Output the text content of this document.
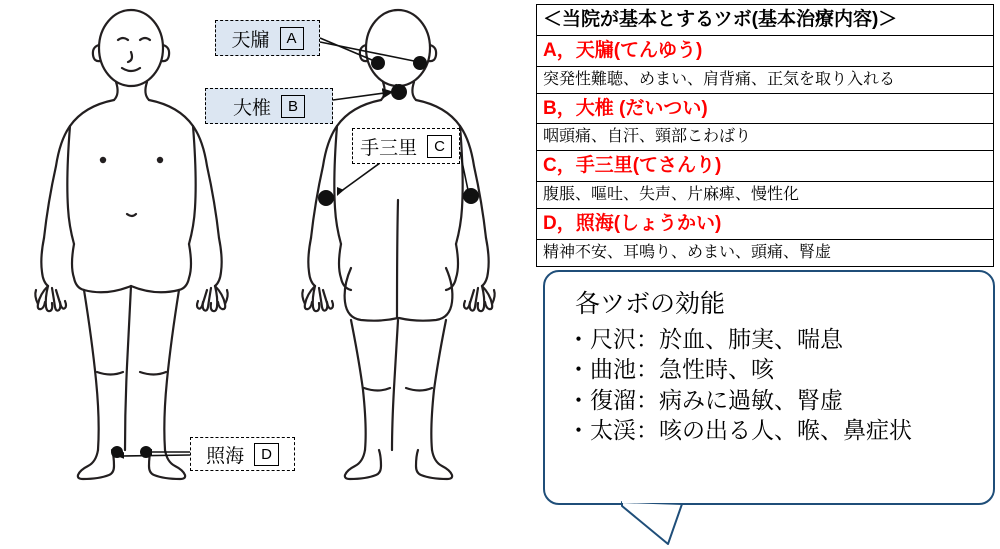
天牖	A
大椎	B
手三里	C
照海	D
＜当院が基本とするツボ(基本治療内容)＞
A，天牖(てんゆう)
突発性難聴、めまい、肩背痛、正気を取り入れる
B，大椎 (だいつい)
咽頭痛、自汗、頸部こわばり
C，手三里(てさんり)
腹脹、嘔吐、失声、片麻痺、慢性化
D，照海(しょうかい)
精神不安、耳鳴り、めまい、頭痛、腎虚
各ツボの効能
・尺沢：於血、肺実、喘息
・曲池：急性時、咳
・復溜：病みに過敏、腎虚
・太渓：咳の出る人、喉、鼻症状
